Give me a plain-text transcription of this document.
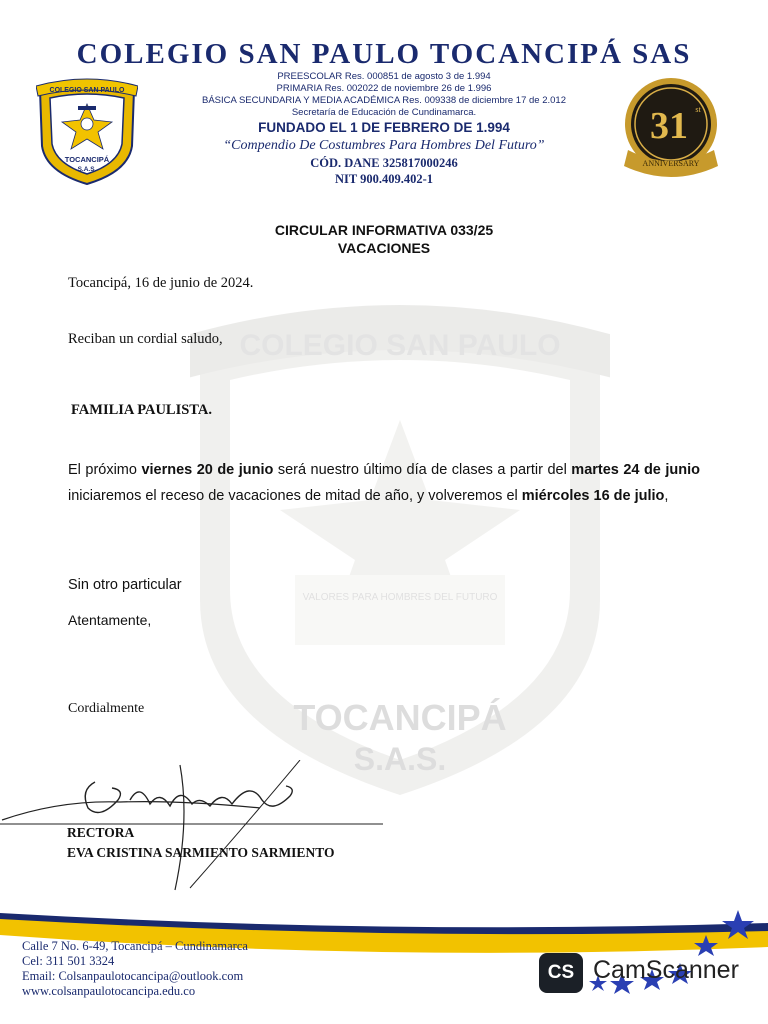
COLEGIO SAN PAULO
VALORES PARA HOMBRES DEL FUTURO
TOCANCIPÁ
S.A.S.
COLEGIO SAN PAULO TOCANCIPÁ SAS
COLEGIO SAN PAULO
TOCANCIPÁ
S.A.S.
31 st
ANNIVERSARY
PREESCOLAR Res. 000851 de agosto 3 de 1.994
PRIMARIA Res. 002022 de noviembre 26 de 1.996
BÁSICA SECUNDARIA Y MEDIA ACADÉMICA Res. 009338 de diciembre 17 de 2.012
Secretaría de Educación de Cundinamarca.
FUNDADO EL 1 DE FEBRERO DE 1.994
“Compendio De Costumbres Para Hombres Del Futuro”
CÓD. DANE 325817000246
NIT 900.409.402-1
CIRCULAR INFORMATIVA 033/25
VACACIONES
Tocancipá, 16 de junio de 2024.
Reciban un cordial saludo,
FAMILIA PAULISTA.
El próximo viernes 20 de junio será nuestro último día de clases a partir del martes 24 de junio iniciaremos el receso de vacaciones de mitad de año, y volveremos el miércoles 16 de julio,
Sin otro particular
Atentamente,
Cordialmente
RECTORA
EVA CRISTINA SARMIENTO SARMIENTO
Calle 7 No. 6-49, Tocancipá – Cundinamarca
Cel: 311 501 3324
Email: Colsanpaulotocancipa@outlook.com
www.colsanpaulotocancipa.edu.co
CS CamScanner
